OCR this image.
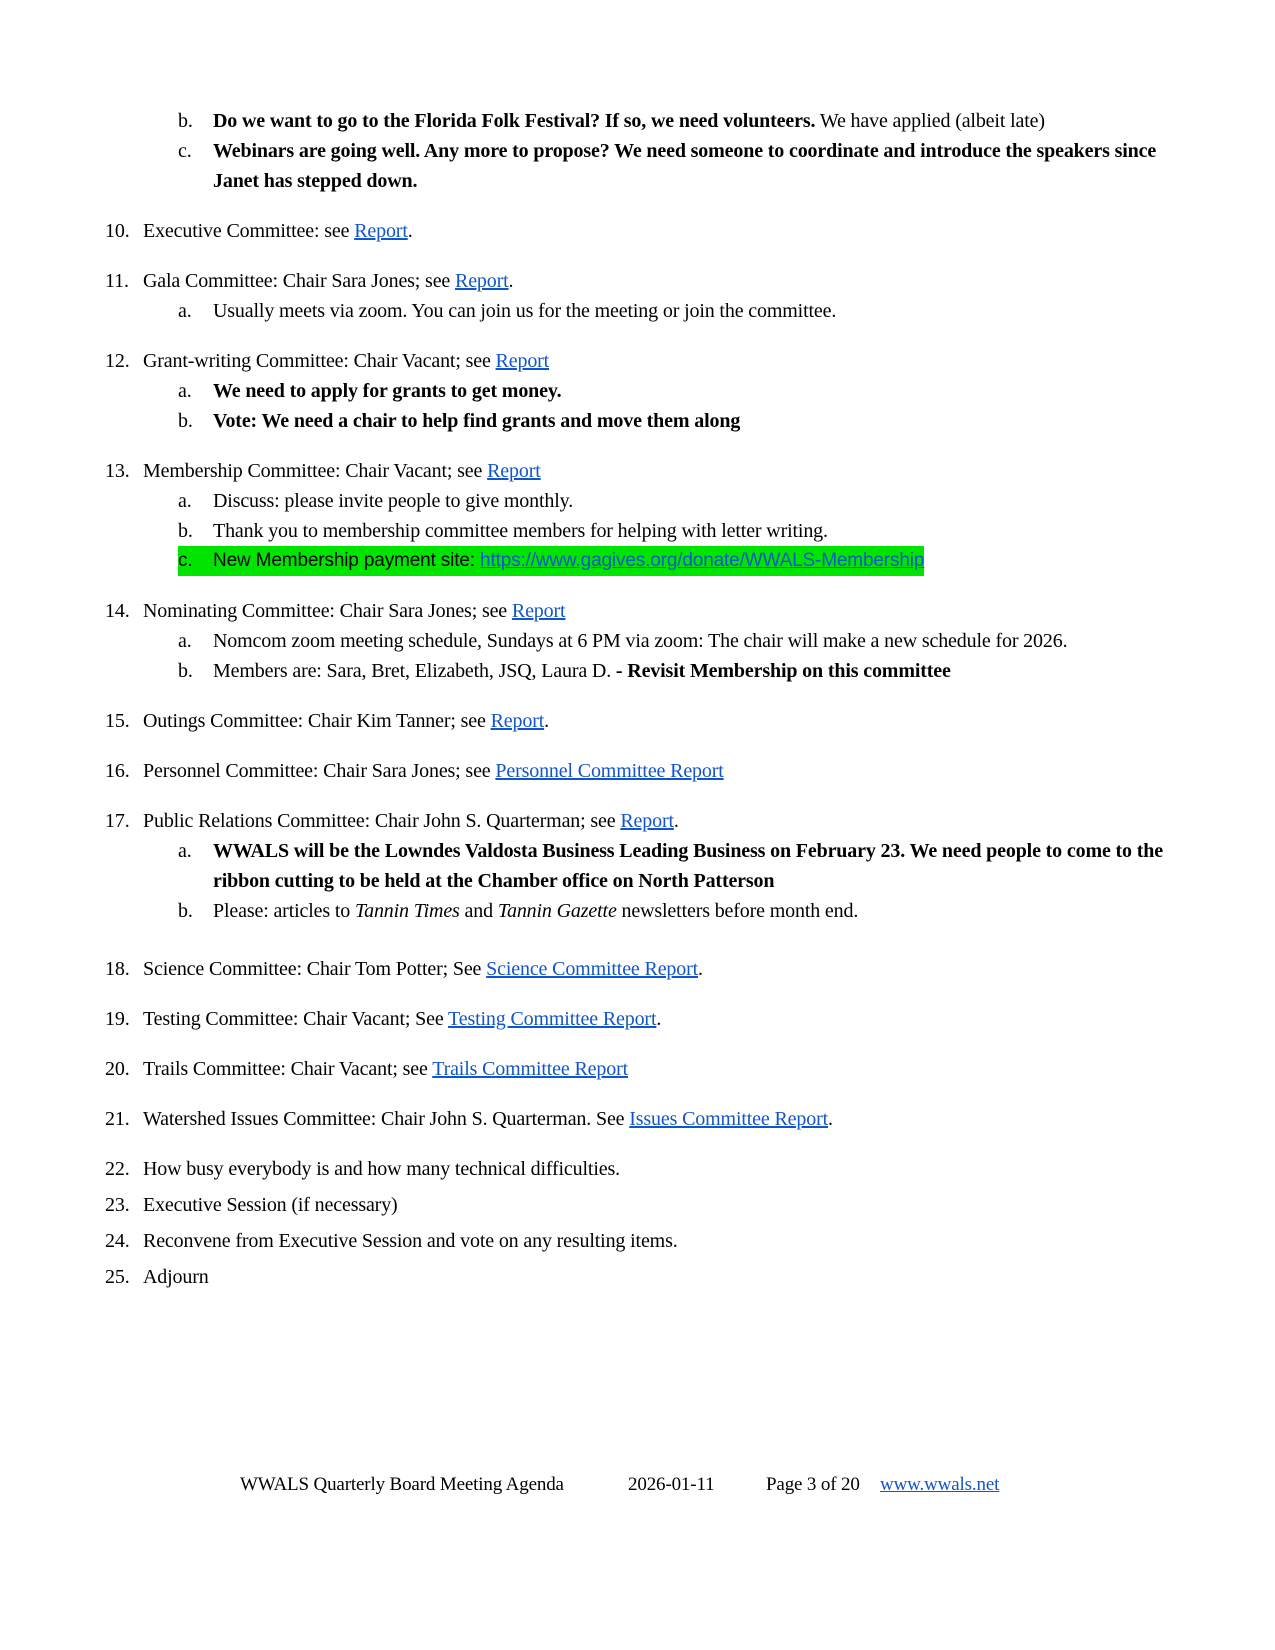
b.	Do we want to go to the Florida Folk Festival? If so, we need volunteers. We have applied (albeit late)
c.	Webinars are going well. Any more to propose? We need someone to coordinate and introduce the speakers since Janet has stepped down.
10. Executive Committee: see Report.
11. Gala Committee: Chair Sara Jones; see Report.
a.	Usually meets via zoom. You can join us for the meeting or join the committee.
12. Grant-writing Committee: Chair Vacant; see Report
a.	We need to apply for grants to get money.
b.	Vote: We need a chair to help find grants and move them along
13. Membership Committee: Chair Vacant; see Report
a.	Discuss: please invite people to give monthly.
b.	Thank you to membership committee members for helping with letter writing.
c.	New Membership payment site: https://www.gagives.org/donate/WWALS-Membership
14. Nominating Committee: Chair Sara Jones; see Report
a.	Nomcom zoom meeting schedule, Sundays at 6 PM via zoom: The chair will make a new schedule for 2026.
b.	Members are: Sara, Bret, Elizabeth, JSQ, Laura D. - Revisit Membership on this committee
15. Outings Committee: Chair Kim Tanner; see Report.
16. Personnel Committee: Chair Sara Jones; see Personnel Committee Report
17. Public Relations Committee: Chair John S. Quarterman; see Report.
a.	WWALS will be the Lowndes Valdosta Business Leading Business on February 23. We need people to come to the ribbon cutting to be held at the Chamber office on North Patterson
b.	Please: articles to Tannin Times and Tannin Gazette newsletters before month end.
18. Science Committee: Chair Tom Potter; See Science Committee Report.
19. Testing Committee: Chair Vacant; See Testing Committee Report.
20. Trails Committee: Chair Vacant; see Trails Committee Report
21. Watershed Issues Committee: Chair John S. Quarterman. See Issues Committee Report.
22. How busy everybody is and how many technical difficulties.
23. Executive Session (if necessary)
24. Reconvene from Executive Session and vote on any resulting items.
25. Adjourn
WWALS Quarterly Board Meeting Agenda	2026-01-11	Page 3 of 20 www.wwals.net
